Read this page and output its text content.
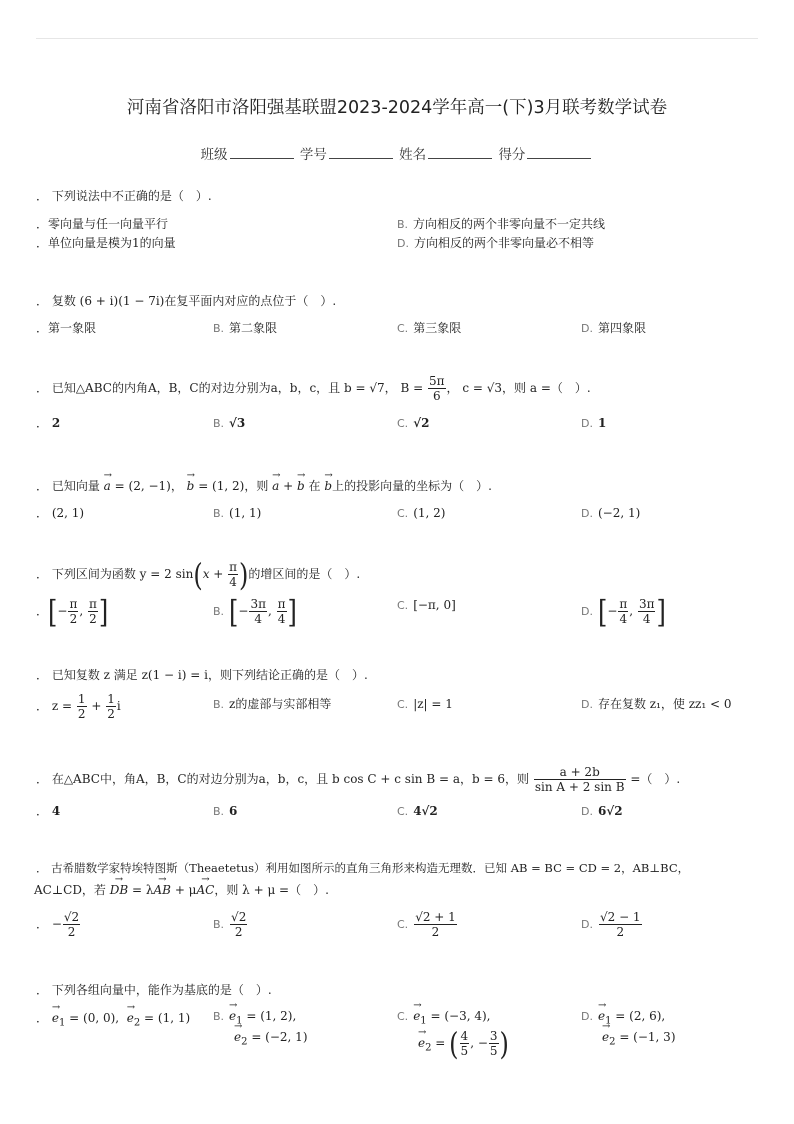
河南省洛阳市洛阳强基联盟2023-2024学年高一(下)3月联考数学试卷
班级	学号	姓名	得分
． 下列说法中不正确的是（　）.
．零向量与任一向量平行	B. 方向相反的两个非零向量不一定共线
．单位向量是模为1的向量	D. 方向相反的两个非零向量必不相等
． 复数 (6 + i)(1 − 7i)在复平面内对应的点位于（　）.
．第一象限	B. 第二象限	C. 第三象限	D. 第四象限
． 已知△ABC的内角A，B，C的对边分别为a，b，c，且 b = √7， $B = \frac{5\pi}{6}$ ， c = √3，则 a =（　）.
． 2	B. √3	C. √2	D. 1
． 已知向量 → a = (2, −1)， → b = (1, 2)，则 → a + → b 在 → b上的投影向量的坐标为（　）.
． (2, 1)	B. (1, 1)	C. (1, 2)	D. (−2, 1)
． 下列区间为函数 y = 2 $\sin(x + \frac{\pi}{4}$ )的增区间的是（　）.
．[− $\frac{\pi}{2}$ , $\frac{\pi}{2}$ ]	B. [− $\frac{3\pi}{4}$ , $\frac{\pi}{4}$ ]	C. [−π, 0]	D. [− $\frac{\pi}{4}$ , $\frac{3\pi}{4}$ ]
． 已知复数 z 满足 z(1 − i) = i，则下列结论正确的是（　）.
． $z = \frac{1}{2} + \frac{1}{2}$ i	B. z的虚部与实部相等	C. |z| = 1	D. 存在复数 z₁，使 zz₁ < 0
． 在△ABC中，角A，B，C的对边分别为a，b，c，且 b cos C + c sin B = a，b = 6，则 $\frac{a + 2b}{\text{sin A + 2 sin B}}$ =（　）.
． 4	B. 6	C. 4√2	D. 6√2
． 古希腊数学家特埃特图斯（Theaetetus）利用如图所示的直角三角形来构造无理数．已知 AB = BC = CD = 2，AB⊥BC，
AC⊥CD，若 → DB = λ→ AB + μ→ AC，则 λ + μ =（　）.
． − $\frac{√2}{2}$	B. $\frac{√2}{2}$	C. $\frac{√2 + 1}{2}$	D. $\frac{√2 - 1}{2}$
． 下列各组向量中，能作为基底的是（　）.
． → $e_1 = (0$, 0),  → $e_2 = (1$, 1) $B.\to e_1 = (1$, 2),
→ $e_2 = (-2$, 1)
$C.\to e_1 = (-3$, 4),
→ $e_2$ = ( $\frac{4}{5}$ , − $\frac{3}{5}$ )
$D.\to e_1 = (2$, 6),
→ $e_2 = (-1$, 3)
